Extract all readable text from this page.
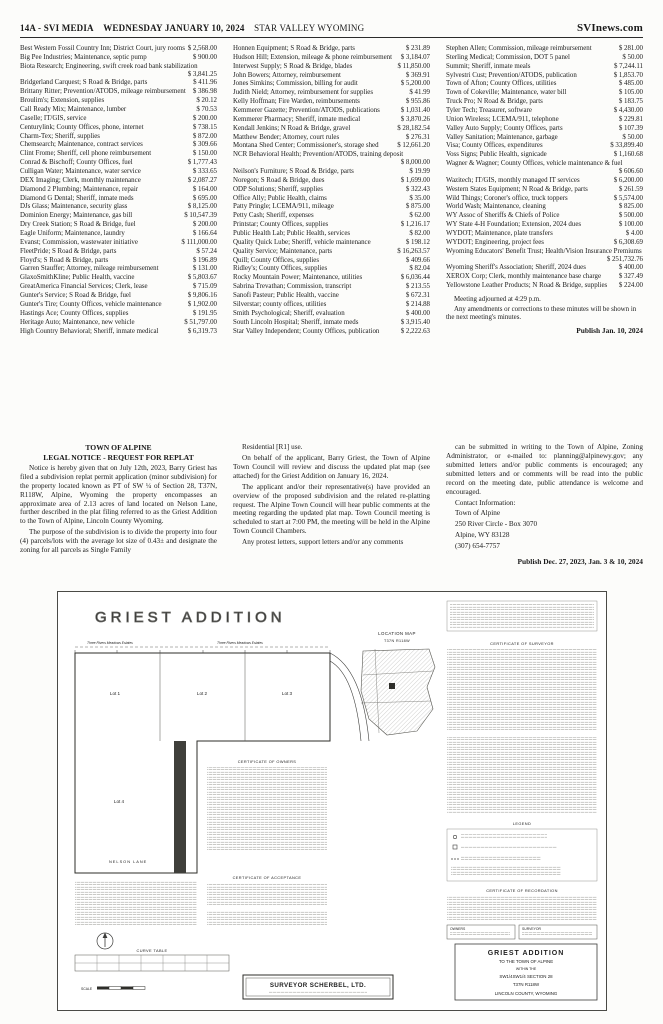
14A - SVI MEDIA WEDNESDAY JANUARY 10, 2024 STAR VALLEY WYOMING	SVInews.com
Best Western Fossil Country Inn; District Court, jury rooms $ 2,568.00
Big Pee Industries; Maintenance, septic pump	$ 900.00
Biota Research; Engineering, swift creek road bank stabilization
$ 3,841.25
Bridgerland Carquest; S Road & Bridge, parts	$ 411.96
Brittany Ritter; Prevention/ATODS, mileage reimbursement $ 386.98
Broulim's; Extension, supplies	$ 20.12
Call Ready Mix; Maintenance, lumber	$ 70.53
Caselle; IT/GIS, service	$ 200.00
Centurylink; County Offices, phone, internet	$ 738.15
Charm-Tex; Sheriff, supplies	$ 872.00
Chemsearch; Maintenance, contract services	$ 309.66
Clint Frome; Sheriff, cell phone reimbursement	$ 150.00
Conrad & Bischoff; County Offices, fuel	$ 1,777.43
Culligan Water; Maintenance, water service	$ 333.65
DEX Imaging; Clerk, monthly maintenance	$ 2,087.27
Diamond 2 Plumbing; Maintenance, repair	$ 164.00
Diamond G Dental; Sheriff, inmate meds	$ 695.00
DJs Glass; Maintenance, security glass	$ 8,125.00
Dominion Energy; Maintenance, gas bill	$ 10,547.39
Dry Creek Station; S Road & Bridge, fuel	$ 200.00
Eagle Uniform; Maintenance, laundry	$ 166.64
Evanst; Commission, wastewater initiative	$ 111,000.00
FleetPride; S Road & Bridge, parts	$ 57.24
Floyd's; S Road & Bridge, parts	$ 196.89
Garren Stauffer; Attorney, mileage reimbursement	$ 131.00
GlaxoSmithKline; Public Health, vaccine	$ 5,803.67
GreatAmerica Financial Services; Clerk, lease	$ 715.09
Gunter's Service; S Road & Bridge, fuel	$ 9,806.16
Gunter's Tire; County Offices, vehicle maintenance	$ 1,902.00
Hastings Ace; County Offices, supplies	$ 191.95
Heritage Auto; Maintenance, new vehicle	$ 51,797.00
High Country Behavioral; Sheriff, inmate medical	$ 6,319.73
Honnen Equipment; S Road & Bridge, parts	$ 231.89
Hudson Hill; Extension, mileage & phone reimbursement $ 3,184.07
Interwest Supply; S Road & Bridge, blades	$ 11,850.00
John Bowers; Attorney, reimbursement	$ 369.91
Jones Simkins; Commission, billing for audit	$ 5,200.00
Judith Nield; Attorney, reimbursement for supplies	$ 41.99
Kelly Hoffman; Fire Warden, reimbursements	$ 955.86
Kemmerer Gazette; Prevention/ATODS, publications	$ 1,031.40
Kemmerer Pharmacy; Sheriff, inmate medical	$ 3,870.26
Kendall Jenkins; N Road & Bridge, gravel	$ 28,182.54
Matthew Bender; Attorney, court rules	$ 276.31
Montana Shed Center; Commissioner's, storage shed	$ 12,661.20
NCR Behavioral Health; Prevention/ATODS, training deposit
$ 8,000.00
Neilson's Furniture; S Road & Bridge, parts	$ 19.99
Noregon; S Road & Bridge, dues	$ 1,699.00
ODP Solutions; Sheriff, supplies	$ 322.43
Office Ally; Public Health, claims	$ 35.00
Patty Pringle; LCEMA/911, mileage	$ 875.00
Petty Cash; Sheriff, expenses	$ 62.00
Printstar; County Offices, supplies	$ 1,216.17
Public Health Lab; Public Health, services	$ 82.00
Quality Quick Lube; Sheriff, vehicle maintenance	$ 198.12
Quality Service; Maintenance, parts	$ 16,263.57
Quill; County Offices, supplies	$ 409.66
Ridley's; County Offices, supplies	$ 82.04
Rocky Mountain Power; Maintenance, utilities	$ 6,036.44
Sabrina Trevathan; Commission, transcript	$ 213.55
Sanofi Pasteur; Public Health, vaccine	$ 672.31
Silverstar; county offices, utilities	$ 214.88
Smith Psychological; Sheriff, evaluation	$ 400.00
South Lincoln Hospital; Sheriff, inmate meds	$ 3,915.40
Star Valley Independent; County Offices, publication	$ 2,222.63
Stephen Allen; Commission, mileage reimbursement	$ 281.00
Sterling Medical; Commission, DOT 5 panel	$ 50.00
Summit; Sheriff, inmate meals	$ 7,244.11
Sylvestri Cust; Prevention/ATODS, publication	$ 1,853.70
Town of Afton; County Offices, utilities	$ 485.00
Town of Cokeville; Maintenance, water bill	$ 105.00
Truck Pro; N Road & Bridge, parts	$ 183.75
Tyler Tech; Treasurer, software	$ 4,430.00
Union Wireless; LCEMA/911, telephone	$ 229.81
Valley Auto Supply; County Offices, parts	$ 107.39
Valley Sanitation; Maintenance, garbage	$ 50.00
Visa; County Offices, expenditures	$ 33,899.40
Voss Signs; Public Health, signicade	$ 1,160.68
Wagner & Wagner; County Offices, vehicle maintenance & fuel
$ 606.60
Wazitech; IT/GIS, monthly managed IT services	$ 6,200.00
Western States Equipment; N Road & Bridge, parts	$ 261.59
Wild Things; Coroner's office, truck toppers	$ 5,574.00
World Wash; Maintenance, cleaning	$ 825.00
WY Assoc of Sheriffs & Chiefs of Police	$ 500.00
WY State 4-H Foundation; Extension, 2024 dues	$ 100.00
WYDOT; Maintenance, plate transfers	$ 4.00
WYDOT; Engineering, project fees	$ 6,308.69
Wyoming Educators' Benefit Trust; Health/Vision Insurance Premiums
$ 251,732.76
Wyoming Sheriff's Association; Sheriff, 2024 dues	$ 400.00
XEROX Corp; Clerk, monthly maintenance base charge	$ 327.49
Yellowstone Leather Products; N Road & Bridge, supplies $ 224.00

Meeting adjourned at 4:29 p.m.

Any amendments or corrections to these minutes will be shown in the next meeting's minutes.

Publish Jan. 10, 2024

TOWN OF ALPINE
LEGAL NOTICE - REQUEST FOR REPLAT

Notice is hereby given that on July 12th, 2023, Barry Griest has filed a subdivision replat permit application (minor subdivision) for the property located known as PT of SW ¼ of Section 28, T37N, R118W, Alpine, Wyoming the property encompasses an approximate area of 2.13 acres of land located on Nelson Lane, further described in the plat filing referred to as the Griest Addition to the Town of Alpine, Lincoln County Wyoming.

The purpose of the subdivision is to divide the property into four (4) parcels/lots with the average lot size of 0.43± and designate the zoning for all parcels as Single Family

Residential [R1] use.

On behalf of the applicant, Barry Griest, the Town of Alpine Town Council will review and discuss the updated plat map (see attached) for the Griest Addition on January 16, 2024.

The applicant and/or their representative(s) have provided an overview of the proposed subdivision and the related re-platting request. The Alpine Town Council will hear public comments at the meeting regarding the updated plat map. Town Council meeting is scheduled to start at 7:00 PM, the meeting will be held in the Alpine Town Council Chambers.

Any protest letters, support letters and/or any comments

can be submitted in writing to the Town of Alpine, Zoning Administrator, or e-mailed to: planning@alpinewy.gov; any submitted letters and/or public comments is encouraged; any submitted letters and or comments will be read into the public record on the meeting date, public attendance is welcome and encouraged.

Contact Information:

Town of Alpine

250 River Circle - Box 3070

Alpine, WY 83128

(307) 654-7757

Publish Dec. 27, 2023, Jan. 3 & 10, 2024

GRIEST ADDITION
LOCATION MAP
T37N R118W
Three Rivers Meadows Estates	Three Rivers Meadows Estates
Lot 1	Lot 2	Lot 3
Lot 4
NELSON LANE
CERTIFICATE OF OWNERS
CERTIFICATE OF ACCEPTANCE
CERTIFICATE OF SURVEYOR
LEGEND
CERTIFICATE OF RECORDATION
OWNERS	SURVEYOR
GRIEST ADDITION
TO THE TOWN OF ALPINE
WITHIN THE
SW1/4SW1/4 SECTION 28
T37N R118W
LINCOLN COUNTY, WYOMING
CURVE TABLE
SCALE	SURVEYOR SCHERBEL, LTD.
